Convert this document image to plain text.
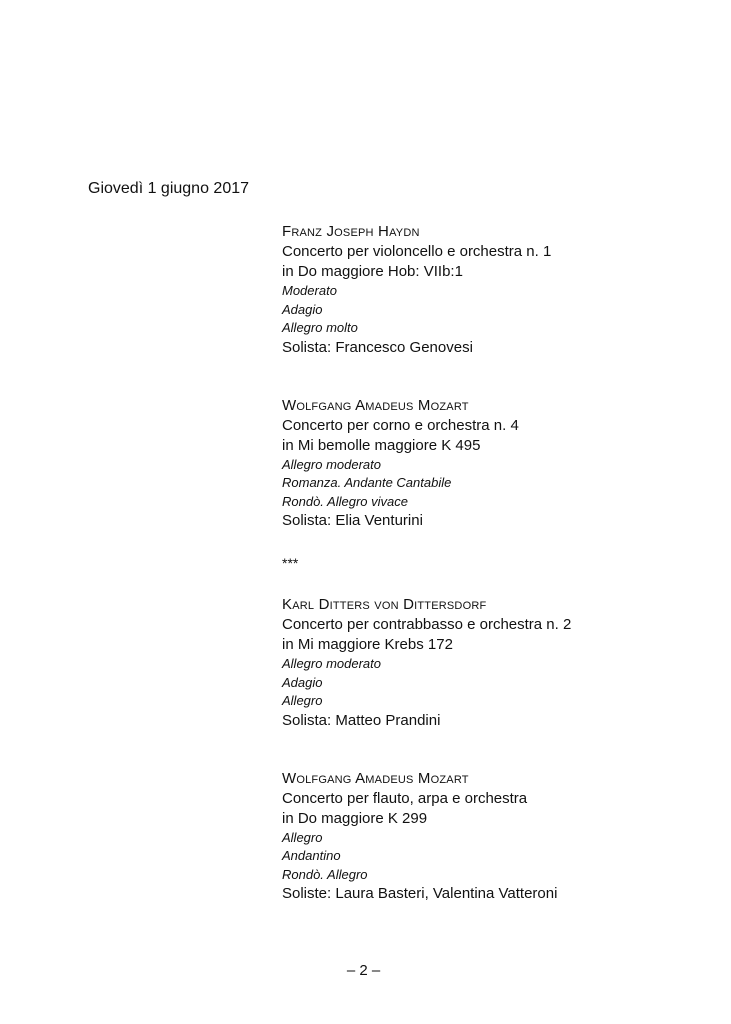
Giovedì 1 giugno 2017
Franz Joseph Haydn
Concerto per violoncello e orchestra n. 1
in Do maggiore Hob: VIIb:1
Moderato
Adagio
Allegro molto
Solista: Francesco Genovesi
Wolfgang Amadeus Mozart
Concerto per corno e orchestra n. 4
in Mi bemolle maggiore K 495
Allegro moderato
Romanza. Andante Cantabile
Rondò. Allegro vivace
Solista: Elia Venturini
***
Karl Ditters von Dittersdorf
Concerto per contrabbasso e orchestra n. 2
in Mi maggiore Krebs 172
Allegro moderato
Adagio
Allegro
Solista: Matteo Prandini
Wolfgang Amadeus Mozart
Concerto per flauto, arpa e orchestra
in Do maggiore K 299
Allegro
Andantino
Rondò. Allegro
Soliste: Laura Basteri, Valentina Vatteroni
– 2 –
